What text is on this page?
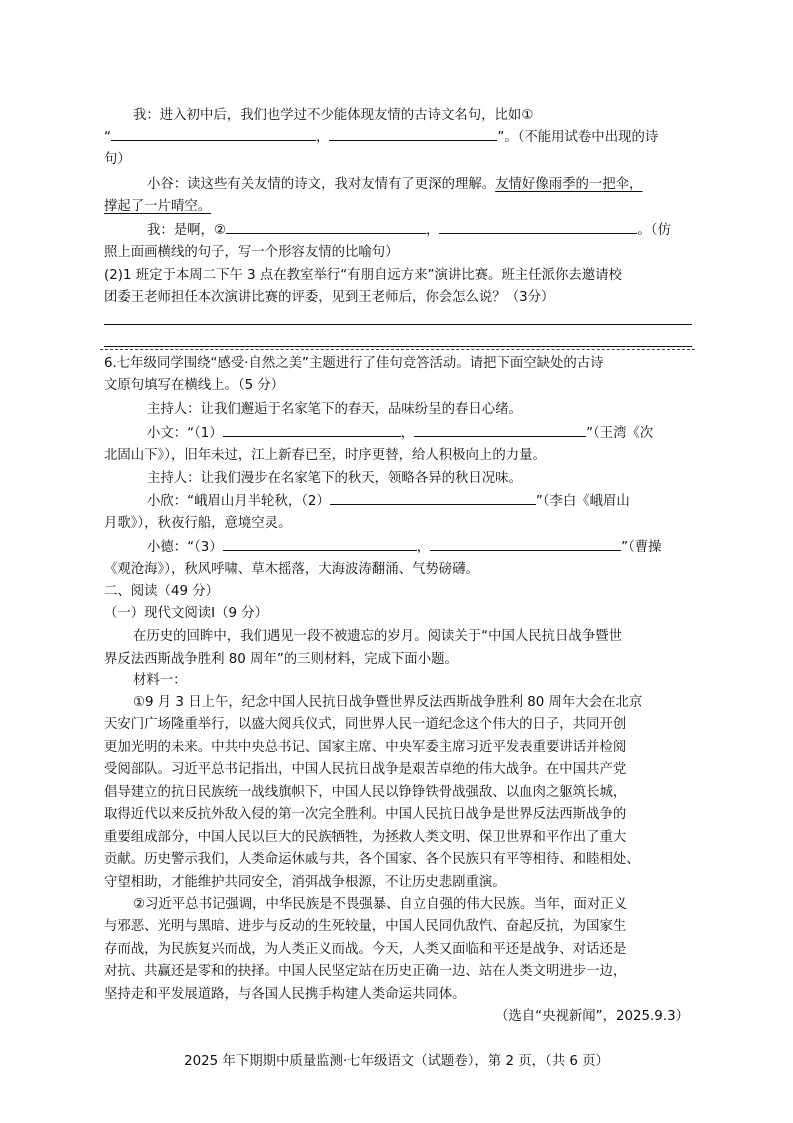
我：进入初中后，我们也学过不少能体现友情的古诗文名句，比如①
“	，	”。（不能用试卷中出现的诗
句）
小谷：读这些有关友情的诗文，我对友情有了更深的理解。友情好像雨季的一把伞，
撑起了一片晴空。
我：是啊，②	，	。（仿
照上面画横线的句子，写一个形容友情的比喻句）
(2)1 班定于本周二下午 3 点在教室举行“有朋自远方来”演讲比赛。班主任派你去邀请校
团委王老师担任本次演讲比赛的评委，见到王老师后，你会怎么说？（3分）
6.七年级同学围绕“感受·自然之美”主题进行了佳句竞答活动。请把下面空缺处的古诗
文原句填写在横线上。（5 分）
主持人：让我们邂逅于名家笔下的春天，品味纷呈的春日心绪。
小文：“（1）	，	”（王湾《次
北固山下》），旧年未过，江上新春已至，时序更替，给人积极向上的力量。
主持人：让我们漫步在名家笔下的秋天，领略各异的秋日况味。
小欣：“峨眉山月半轮秋，（2）	”（李白《峨眉山
月歌》），秋夜行船，意境空灵。
小德：“（3）	，	”（曹操
《观沧海》），秋风呼啸、草木摇落，大海波涛翻涌、气势磅礴。
二、阅读（49 分）
（一）现代文阅读Ⅰ（9 分）
在历史的回眸中，我们遇见一段不被遗忘的岁月。阅读关于“中国人民抗日战争暨世
界反法西斯战争胜利 80 周年”的三则材料，完成下面小题。
材料一：
①9 月 3 日上午，纪念中国人民抗日战争暨世界反法西斯战争胜利 80 周年大会在北京
天安门广场隆重举行，以盛大阅兵仪式，同世界人民一道纪念这个伟大的日子，共同开创
更加光明的未来。中共中央总书记、国家主席、中央军委主席习近平发表重要讲话并检阅
受阅部队。习近平总书记指出，中国人民抗日战争是艰苦卓绝的伟大战争。在中国共产党
倡导建立的抗日民族统一战线旗帜下，中国人民以铮铮铁骨战强敌、以血肉之躯筑长城，
取得近代以来反抗外敌入侵的第一次完全胜利。中国人民抗日战争是世界反法西斯战争的
重要组成部分，中国人民以巨大的民族牺牲，为拯救人类文明、保卫世界和平作出了重大
贡献。历史警示我们，人类命运休戚与共，各个国家、各个民族只有平等相待、和睦相处、
守望相助，才能维护共同安全，消弭战争根源，不让历史悲剧重演。
②习近平总书记强调，中华民族是不畏强暴、自立自强的伟大民族。当年，面对正义
与邪恶、光明与黑暗、进步与反动的生死较量，中国人民同仇敌忾、奋起反抗，为国家生
存而战，为民族复兴而战，为人类正义而战。今天，人类又面临和平还是战争、对话还是
对抗、共赢还是零和的抉择。中国人民坚定站在历史正确一边、站在人类文明进步一边，
坚持走和平发展道路，与各国人民携手构建人类命运共同体。
（选自“央视新闻”，2025.9.3）
2025 年下期期中质量监测·七年级语文（试题卷），第 2 页，（共 6 页）
